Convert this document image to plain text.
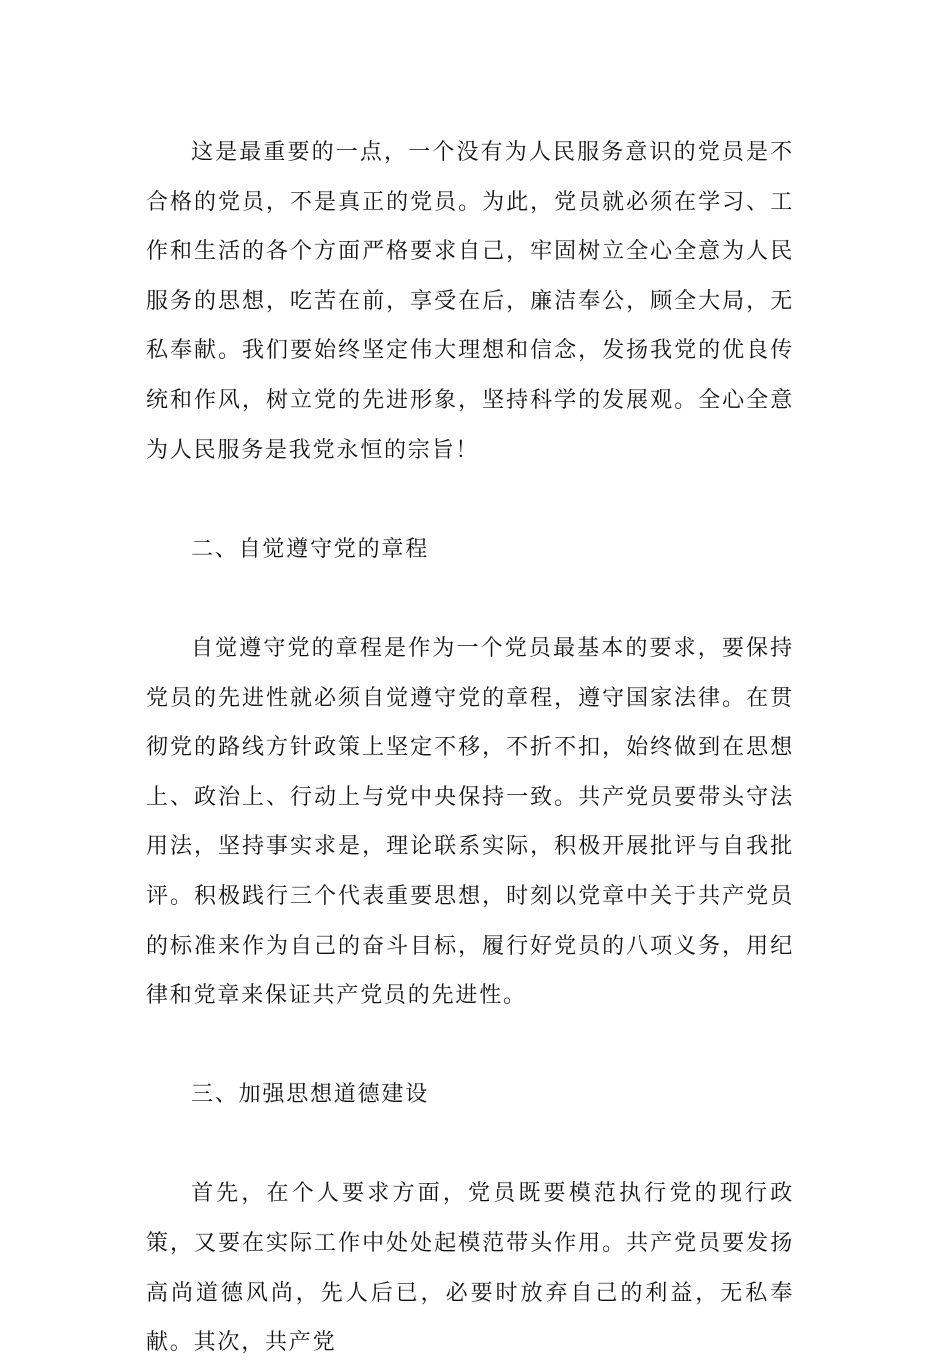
这是最重要的一点，一个没有为人民服务意识的党员是不合格的党员，不是真正的党员。为此，党员就必须在学习、工作和生活的各个方面严格要求自己，牢固树立全心全意为人民服务的思想，吃苦在前，享受在后，廉洁奉公，顾全大局，无私奉献。我们要始终坚定伟大理想和信念，发扬我党的优良传统和作风，树立党的先进形象，坚持科学的发展观。全心全意为人民服务是我党永恒的宗旨！

二、自觉遵守党的章程

自觉遵守党的章程是作为一个党员最基本的要求，要保持党员的先进性就必须自觉遵守党的章程，遵守国家法律。在贯彻党的路线方针政策上坚定不移，不折不扣，始终做到在思想上、政治上、行动上与党中央保持一致。共产党员要带头守法用法，坚持事实求是，理论联系实际，积极开展批评与自我批评。积极践行三个代表重要思想，时刻以党章中关于共产党员的标准来作为自己的奋斗目标，履行好党员的八项义务，用纪律和党章来保证共产党员的先进性。

三、加强思想道德建设

首先，在个人要求方面，党员既要模范执行党的现行政策，又要在实际工作中处处起模范带头作用。共产党员要发扬高尚道德风尚，先人后已，必要时放弃自己的利益，无私奉献。其次，共产党
